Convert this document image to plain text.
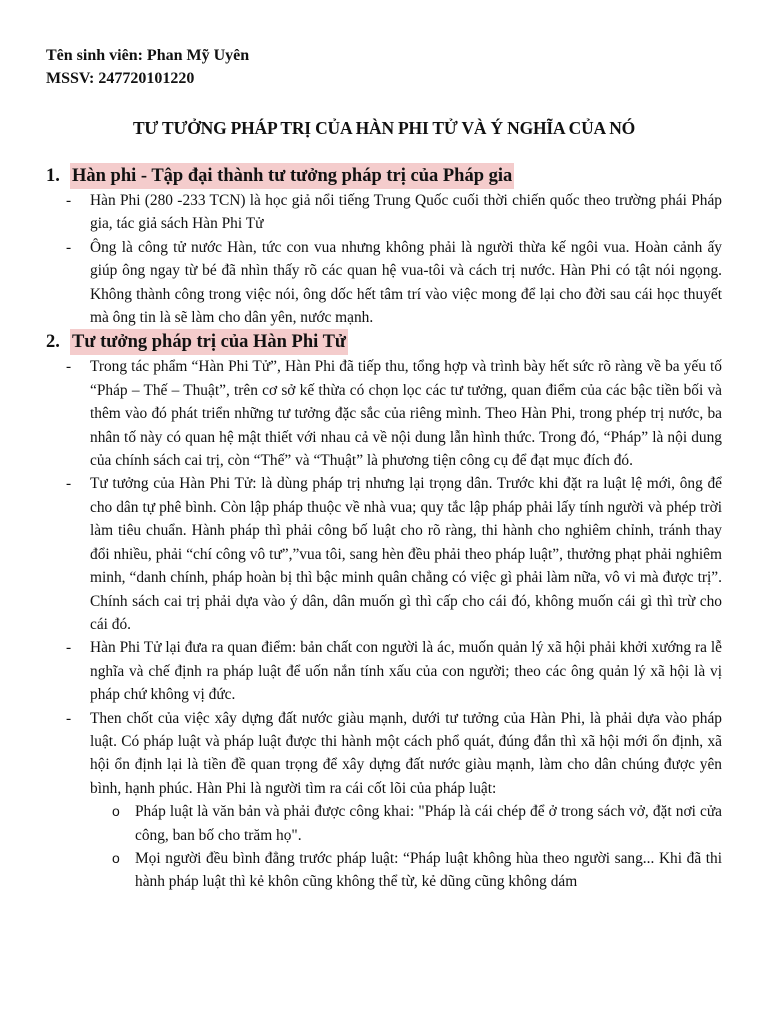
Tên sinh viên: Phan Mỹ Uyên
MSSV: 247720101220
TƯ TƯỞNG PHÁP TRỊ CỦA HÀN PHI TỬ VÀ Ý NGHĨA CỦA NÓ
1. Hàn phi - Tập đại thành tư tưởng pháp trị của Pháp gia
- Hàn Phi (280 -233 TCN) là học giả nổi tiếng Trung Quốc cuối thời chiến quốc theo trường phái Pháp gia, tác giả sách Hàn Phi Tử
- Ông là công tử nước Hàn, tức con vua nhưng không phải là người thừa kế ngôi vua. Hoàn cảnh ấy giúp ông ngay từ bé đã nhìn thấy rõ các quan hệ vua-tôi và cách trị nước. Hàn Phi có tật nói ngọng. Không thành công trong việc nói, ông dốc hết tâm trí vào việc mong để lại cho đời sau cái học thuyết mà ông tin là sẽ làm cho dân yên, nước mạnh.
2. Tư tưởng pháp trị của Hàn Phi Tử
- Trong tác phẩm “Hàn Phi Tử”, Hàn Phi đã tiếp thu, tổng hợp và trình bày hết sức rõ ràng về ba yếu tố “Pháp – Thế – Thuật”, trên cơ sở kế thừa có chọn lọc các tư tưởng, quan điểm của các bậc tiền bối và thêm vào đó phát triển những tư tưởng đặc sắc của riêng mình. Theo Hàn Phi, trong phép trị nước, ba nhân tố này có quan hệ mật thiết với nhau cả về nội dung lẫn hình thức. Trong đó, “Pháp” là nội dung của chính sách cai trị, còn “Thế” và “Thuật” là phương tiện công cụ để đạt mục đích đó.
- Tư tưởng của Hàn Phi Tử: là dùng pháp trị nhưng lại trọng dân. Trước khi đặt ra luật lệ mới, ông để cho dân tự phê bình. Còn lập pháp thuộc về nhà vua; quy tắc lập pháp phải lấy tính người và phép trời làm tiêu chuẩn. Hành pháp thì phải công bố luật cho rõ ràng, thi hành cho nghiêm chỉnh, tránh thay đổi nhiều, phải “chí công vô tư”,”vua tôi, sang hèn đều phải theo pháp luật”, thưởng phạt phải nghiêm minh, “danh chính, pháp hoàn bị thì bậc minh quân chẳng có việc gì phải làm nữa, vô vi mà được trị”. Chính sách cai trị phải dựa vào ý dân, dân muốn gì thì cấp cho cái đó, không muốn cái gì thì trừ cho cái đó.
- Hàn Phi Tử lại đưa ra quan điểm: bản chất con người là ác, muốn quản lý xã hội phải khởi xướng ra lễ nghĩa và chế định ra pháp luật để uốn nắn tính xấu của con người; theo các ông quản lý xã hội là vị pháp chứ không vị đức.
- Then chốt của việc xây dựng đất nước giàu mạnh, dưới tư tưởng của Hàn Phi, là phải dựa vào pháp luật. Có pháp luật và pháp luật được thi hành một cách phổ quát, đúng đắn thì xã hội mới ổn định, xã hội ổn định lại là tiền đề quan trọng để xây dựng đất nước giàu mạnh, làm cho dân chúng được yên bình, hạnh phúc. Hàn Phi là người tìm ra cái cốt lõi của pháp luật:
o Pháp luật là văn bản và phải được công khai: "Pháp là cái chép để ở trong sách vở, đặt nơi cửa công, ban bố cho trăm họ".
o Mọi người đều bình đẳng trước pháp luật: “Pháp luật không hùa theo người sang... Khi đã thi hành pháp luật thì kẻ khôn cũng không thể từ, kẻ dũng cũng không dám
